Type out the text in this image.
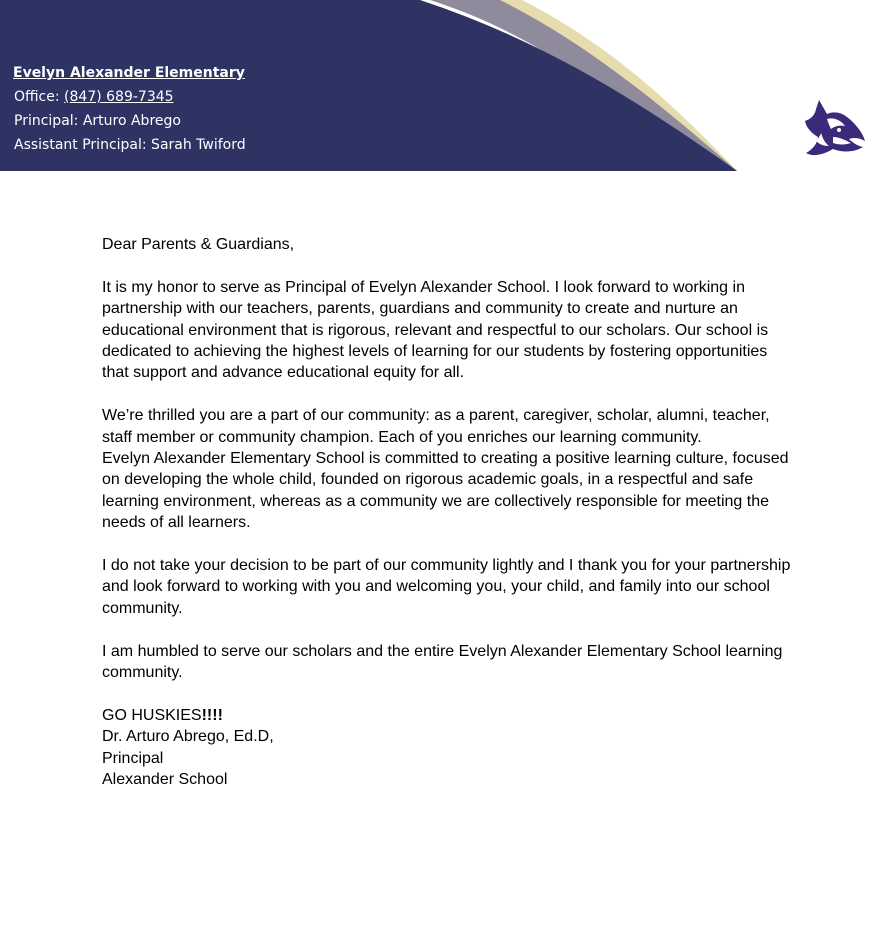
Evelyn Alexander Elementary
Office: (847) 689-7345
Principal: Arturo Abrego
Assistant Principal: Sarah Twiford

Dear Parents & Guardians,

It is my honor to serve as Principal of Evelyn Alexander School. I look forward to working in partnership with our teachers, parents, guardians and community to create and nurture an educational environment that is rigorous, relevant and respectful to our scholars. Our school is dedicated to achieving the highest levels of learning for our students by fostering opportunities that support and advance educational equity for all.

We’re thrilled you are a part of our community: as a parent, caregiver, scholar, alumni, teacher, staff member or community champion. Each of you enriches our learning community.
Evelyn Alexander Elementary School is committed to creating a positive learning culture, focused on developing the whole child, founded on rigorous academic goals, in a respectful and safe learning environment, whereas as a community we are collectively responsible for meeting the needs of all learners.

I do not take your decision to be part of our community lightly and I thank you for your partnership and look forward to working with you and welcoming you, your child, and family into our school community.

I am humbled to serve our scholars and the entire Evelyn Alexander Elementary School learning community.

GO HUSKIES!!!!
Dr. Arturo Abrego, Ed.D,
Principal
Alexander School
